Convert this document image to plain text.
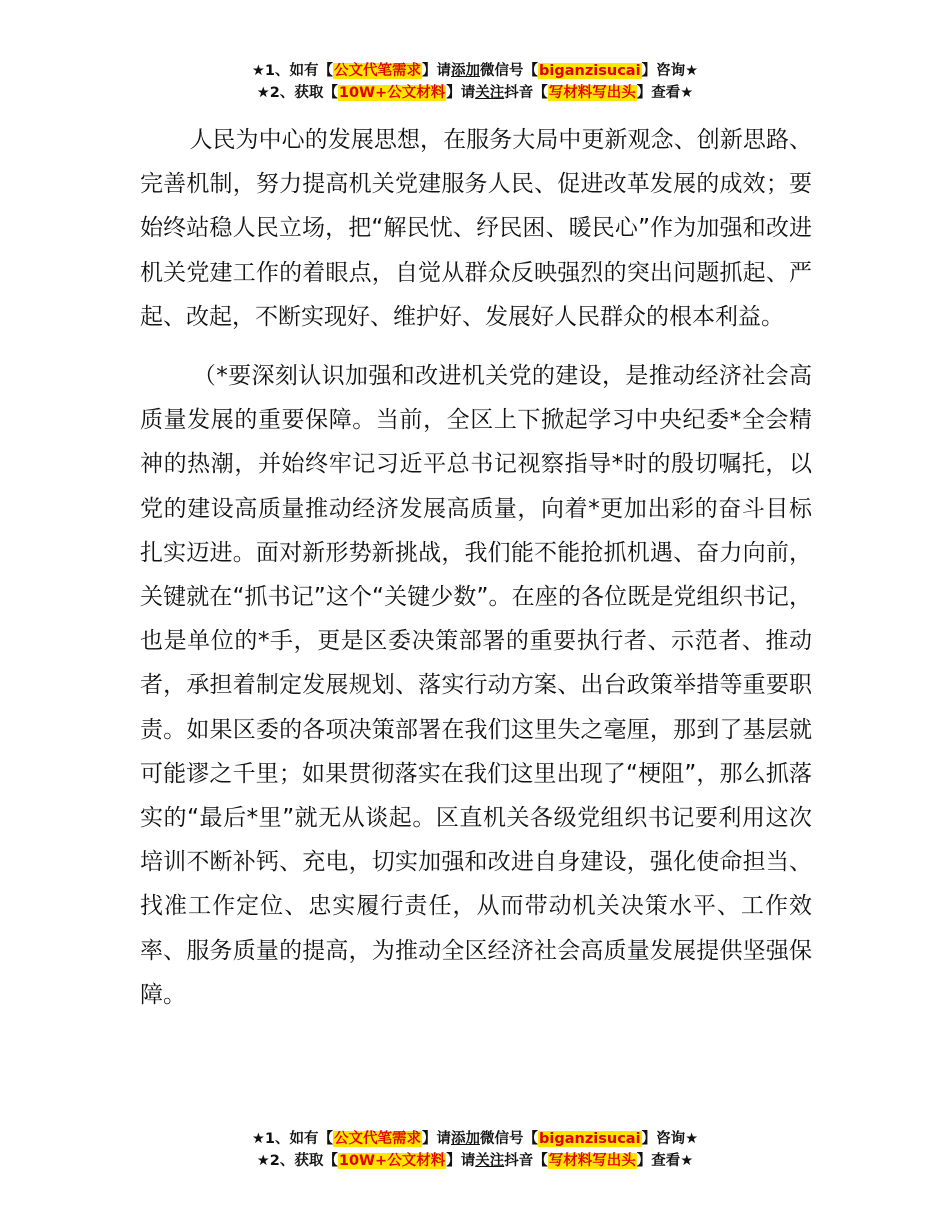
★1、如有【公文代笔需求】请添加微信号【biganzisucai】咨询★
★2、获取【10W+公文材料】请关注抖音【写材料写出头】查看★

人民为中心的发展思想，在服务大局中更新观念、创新思路、完善机制，努力提高机关党建服务人民、促进改革发展的成效；要始终站稳人民立场，把“解民忧、纾民困、暖民心”作为加强和改进机关党建工作的着眼点，自觉从群众反映强烈的突出问题抓起、严起、改起，不断实现好、维护好、发展好人民群众的根本利益。

（*要深刻认识加强和改进机关党的建设，是推动经济社会高质量发展的重要保障。当前，全区上下掀起学习中央纪委*全会精神的热潮，并始终牢记习近平总书记视察指导*时的殷切嘱托，以党的建设高质量推动经济发展高质量，向着*更加出彩的奋斗目标扎实迈进。面对新形势新挑战，我们能不能抢抓机遇、奋力向前，关键就在“抓书记”这个“关键少数”。在座的各位既是党组织书记，也是单位的*手，更是区委决策部署的重要执行者、示范者、推动者，承担着制定发展规划、落实行动方案、出台政策举措等重要职责。如果区委的各项决策部署在我们这里失之毫厘，那到了基层就可能谬之千里；如果贯彻落实在我们这里出现了“梗阻”，那么抓落实的“最后*里”就无从谈起。区直机关各级党组织书记要利用这次培训不断补钙、充电，切实加强和改进自身建设，强化使命担当、找准工作定位、忠实履行责任，从而带动机关决策水平、工作效率、服务质量的提高，为推动全区经济社会高质量发展提供坚强保障。

★1、如有【公文代笔需求】请添加微信号【biganzisucai】咨询★
★2、获取【10W+公文材料】请关注抖音【写材料写出头】查看★
